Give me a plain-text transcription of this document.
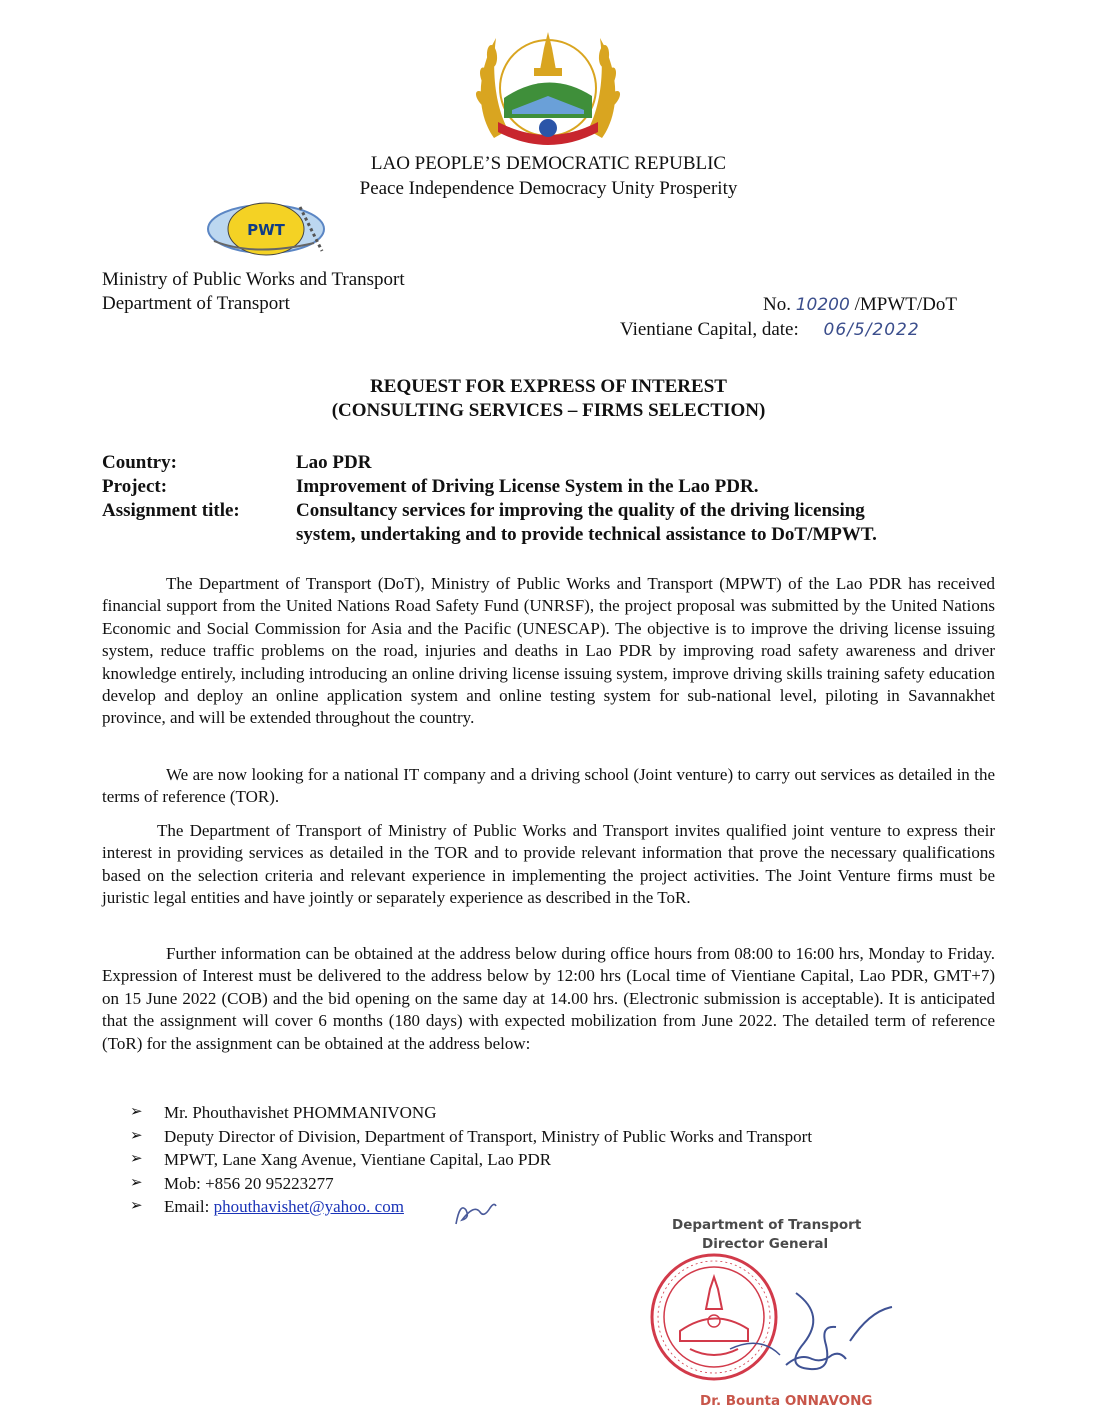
LAO PEOPLE’S DEMOCRATIC REPUBLIC
Peace Independence Democracy Unity Prosperity
PWT
Ministry of Public Works and Transport
Department of Transport	No. 10200 /MPWT/DoT
Vientiane Capital, date: 06/5/2022
REQUEST FOR EXPRESS OF INTEREST
(CONSULTING SERVICES – FIRMS SELECTION)
Country:	Lao PDR
Project:	Improvement of Driving License System in the Lao PDR.
Assignment title:	Consultancy services for improving the quality of the driving licensing
system, undertaking and to provide technical assistance to DoT/MPWT.

The Department of Transport (DoT), Ministry of Public Works and Transport (MPWT) of the Lao PDR has received financial support from the United Nations Road Safety Fund (UNRSF), the project proposal was submitted by the United Nations Economic and Social Commission for Asia and the Pacific (UNESCAP). The objective is to improve the driving license issuing system, reduce traffic problems on the road, injuries and deaths in Lao PDR by improving road safety awareness and driver knowledge entirely, including introducing an online driving license issuing system, improve driving skills training safety education develop and deploy an online application system and online testing system for sub-national level, piloting in Savannakhet province, and will be extended throughout the country.

We are now looking for a national IT company and a driving school (Joint venture) to carry out services as detailed in the terms of reference (TOR).

The Department of Transport of Ministry of Public Works and Transport invites qualified joint venture to express their interest in providing services as detailed in the TOR and to provide relevant information that prove the necessary qualifications based on the selection criteria and relevant experience in implementing the project activities. The Joint Venture firms must be juristic legal entities and have jointly or separately experience as described in the ToR.

Further information can be obtained at the address below during office hours from 08:00 to 16:00 hrs, Monday to Friday. Expression of Interest must be delivered to the address below by 12:00 hrs (Local time of Vientiane Capital, Lao PDR, GMT+7) on 15 June 2022 (COB) and the bid opening on the same day at 14.00 hrs. (Electronic submission is acceptable). It is anticipated that the assignment will cover 6 months (180 days) with expected mobilization from June 2022. The detailed term of reference (ToR) for the assignment can be obtained at the address below:

➢ Mr. Phouthavishet PHOMMANIVONG
➢ Deputy Director of Division, Department of Transport, Ministry of Public Works and Transport
➢ MPWT, Lane Xang Avenue, Vientiane Capital, Lao PDR
➢ Mob: +856 20 95223277
➢ Email: phouthavishet@yahoo. com
Department of Transport
Director General
Dr. Bounta ONNAVONG
